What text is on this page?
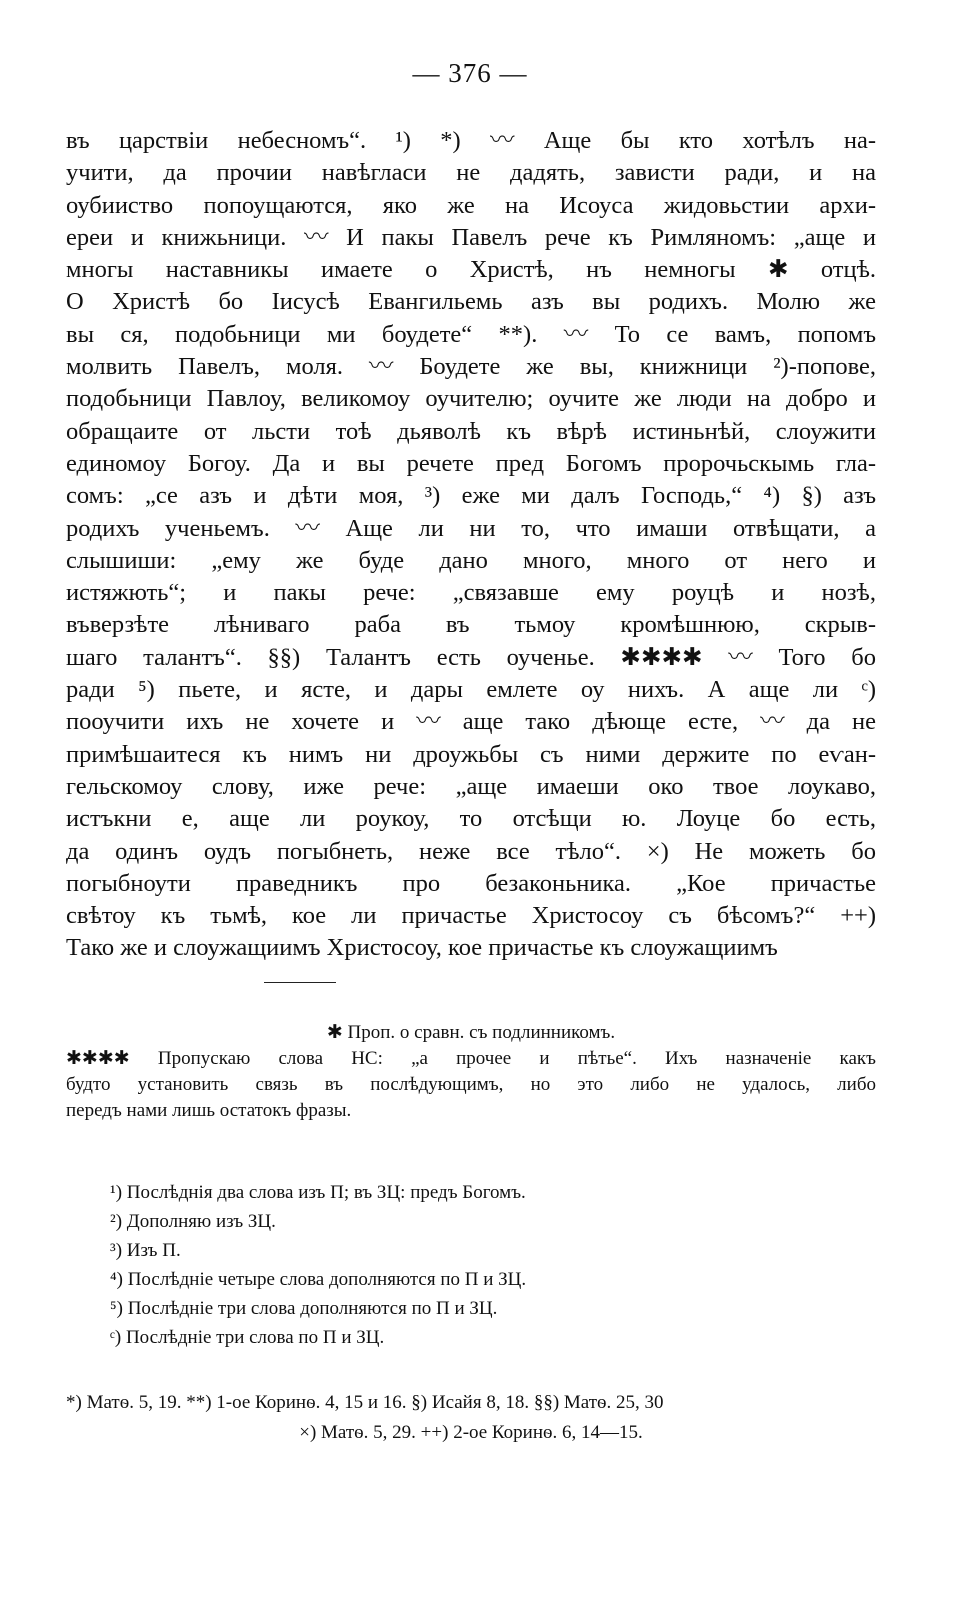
— 376 —
въ царствіи небесномъ“. ¹) *) 〰 Аще бы кто хотѣлъ на-
учити, да прочии навѣгласи не дадять, зависти ради, и на
оубииство попоущаются, яко же на Исоуса жидовьстии архи-
ереи и книжьници. 〰 И пакы Павелъ рече къ Римляномъ: „аще и
многы наставникы имаете о Христѣ, нъ немногы ✱ отцѣ.
О Христѣ бо Іисусѣ Евангильемь азъ вы родихъ. Молю же
вы ся, подобьници ми боудете“ **). 〰 То се вамъ, попомъ
молвить Павелъ, моля. 〰 Боудете же вы, книжници ²)-попове,
подобьници Павлоу, великомоу оучителю; оучите же люди на добро и
обращаите от льсти тоѣ дьяволѣ къ вѣрѣ истиньнѣй, слоужити
единомоу Богоу. Да и вы речете пред Богомъ пророчьскымь гла-
сомъ: „се азъ и дѣти моя, ³) еже ми далъ Господь,“ ⁴) §) азъ
родихъ ученьемъ. 〰 Аще ли ни то, что имаши отвѣщати, а
слышиши: „ему же буде дано много, много от него и
истяжють“; и пакы рече: „связавше ему роуцѣ и нозѣ,
въверзѣте лѣниваго раба въ тьмоу кромѣшнюю, скрыв-
шаго талантъ“. §§) Талантъ есть оученье. ✱✱✱✱ 〰 Того бо
ради ⁵) пьете, и ясте, и дары емлете оу нихъ. А аще ли ᶜ)
пооучити ихъ не хочете и 〰 аще тако дѣюще есте, 〰 да не
примѣшаитеся къ нимъ ни дроужьбы съ ними держите по еѵан-
гельскомоу слову, иже рече: „аще имаеши око твое лоукаво,
истъкни е, аще ли роукоу, то отсѣщи ю. Лоуце бо есть,
да одинъ оудъ погыбнеть, неже все тѣло“. ×) Не можеть бо
погыбноути праведникъ про безаконьника. „Кое причастье
свѣтоу къ тьмѣ, кое ли причастье Христосоу съ бѣсомъ?“ ++)
Тако же и слоужащиимъ Христосоу, кое причастье къ слоужащиимъ
✱ Проп. о сравн. съ подлинникомъ.
✱✱✱✱ Пропускаю слова НС: „а прочее и пѣтье“. Ихъ назначеніе какъ
будто установить связь въ послѣдующимъ, но это либо не удалось, либо
передъ нами лишь остатокъ фразы.
¹) Послѣднія два слова изъ П; въ ЗЦ: предъ Богомъ.
²) Дополняю изъ ЗЦ.
³) Изъ П.
⁴) Послѣдніе четыре слова дополняются по П и ЗЦ.
⁵) Послѣдніе три слова дополняются по П и ЗЦ.
ᶜ) Послѣдніе три слова по П и ЗЦ.
*) Матѳ. 5, 19. **) 1-ое Коринѳ. 4, 15 и 16. §) Исайя 8, 18. §§) Матѳ. 25, 30
×) Матѳ. 5, 29. ++) 2-ое Коринѳ. 6, 14—15.
